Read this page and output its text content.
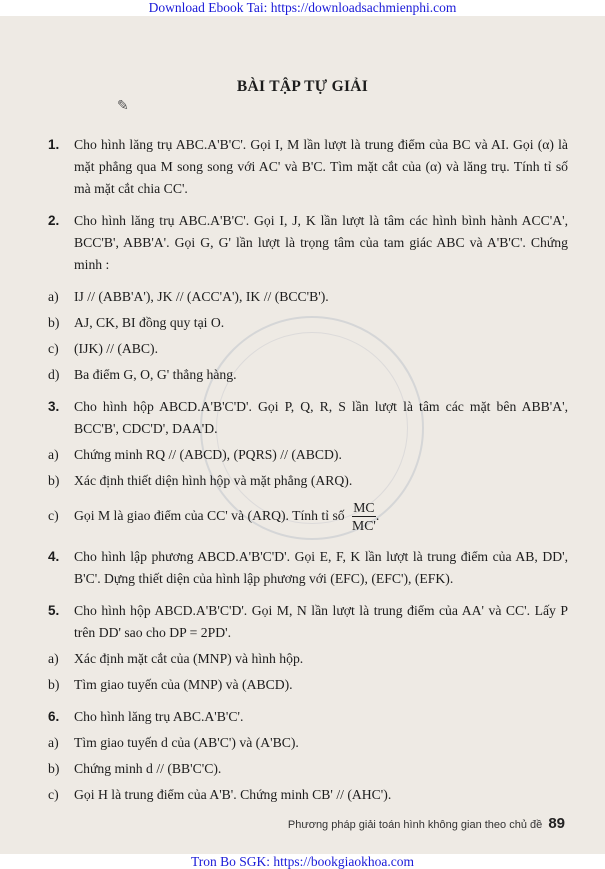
Download Ebook Tai: https://downloadsachmienphi.com
✎
BÀI TẬP TỰ GIẢI
1. Cho hình lăng trụ ABC.A'B'C'. Gọi I, M lần lượt là trung điểm của BC và AI. Gọi (α) là mặt phẳng qua M song song với AC' và B'C. Tìm mặt cắt của (α) và lăng trụ. Tính tỉ số mà mặt cắt chia CC'.
2. Cho hình lăng trụ ABC.A'B'C'. Gọi I, J, K lần lượt là tâm các hình bình hành ACC'A', BCC'B', ABB'A'. Gọi G, G' lần lượt là trọng tâm của tam giác ABC và A'B'C'. Chứng minh :
a) IJ // (ABB'A'), JK // (ACC'A'), IK // (BCC'B').
b) AJ, CK, BI đồng quy tại O.
c) (IJK) // (ABC).
d) Ba điểm G, O, G' thẳng hàng.
3. Cho hình hộp ABCD.A'B'C'D'. Gọi P, Q, R, S lần lượt là tâm các mặt bên ABB'A', BCC'B', CDC'D', DAA'D.
a) Chứng minh RQ // (ABCD), (PQRS) // (ABCD).
b) Xác định thiết diện hình hộp và mặt phẳng (ARQ).
c) Gọi M là giao điểm của CC' và (ARQ). Tính tỉ số $\frac{MC}{MC'}$ .
4. Cho hình lập phương ABCD.A'B'C'D'. Gọi E, F, K lần lượt là trung điểm của AB, DD', B'C'. Dựng thiết diện của hình lập phương với (EFC), (EFC'), (EFK).
5. Cho hình hộp ABCD.A'B'C'D'. Gọi M, N lần lượt là trung điểm của AA' và CC'. Lấy P trên DD' sao cho DP = 2PD'.
a) Xác định mặt cắt của (MNP) và hình hộp.
b) Tìm giao tuyến của (MNP) và (ABCD).
6. Cho hình lăng trụ ABC.A'B'C'.
a) Tìm giao tuyến d của (AB'C') và (A'BC).
b) Chứng minh d // (BB'C'C).
c) Gọi H là trung điểm của A'B'. Chứng minh CB' // (AHC').
Phương pháp giải toán hình không gian theo chủ đề 89
Tron Bo SGK: https://bookgiaokhoa.com
